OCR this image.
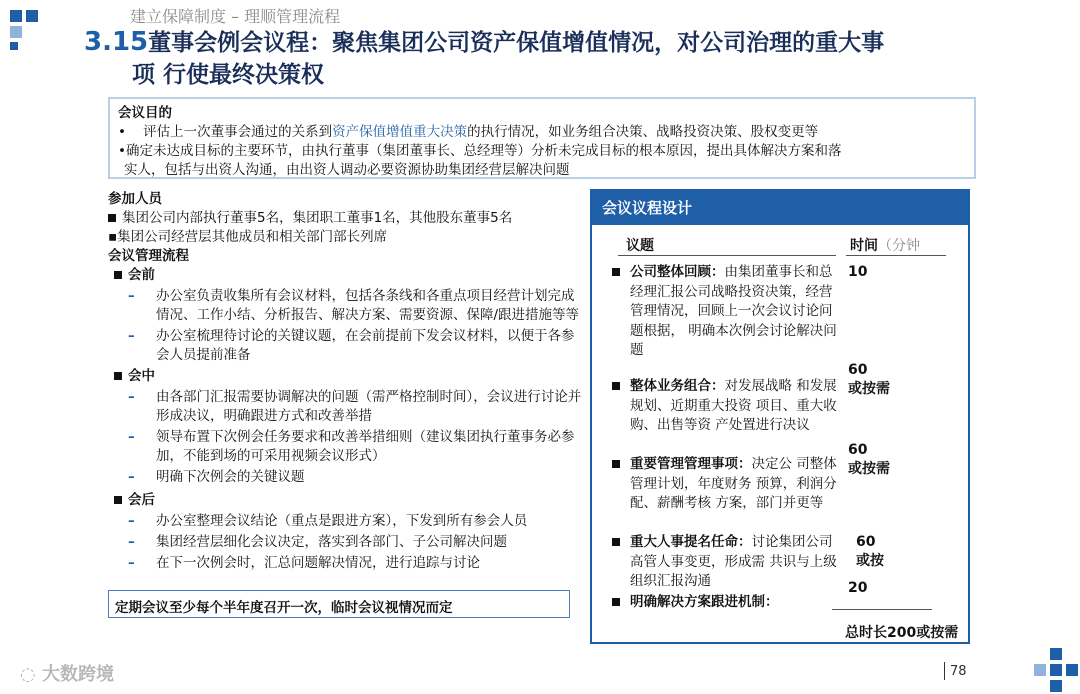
建立保障制度 – 理顺管理流程
3.15董事会例会议程：聚焦集团公司资产保值增值情况，对公司治理的重大事
项 行使最终决策权
会议目的
•    评估上一次董事会通过的关系到资产保值增值重大决策的执行情况，如业务组合决策、战略投资决策、股权变更等
•确定未达成目标的主要环节，由执行董事（集团董事长、总经理等）分析未完成目标的根本原因，提出具体解决方案和落
实人，包括与出资人沟通，由出资人调动必要资源协助集团经营层解决问题
参加人员
集团公司内部执行董事5名，集团职工董事1名，其他股东董事5名
▪集团公司经营层其他成员和相关部门部长列席
会议管理流程
会前
– 办公室负责收集所有会议材料，包括各条线和各重点项目经营计划完成情况、工作小结、分析报告、解决方案、需要资源、保障/跟进措施等等
– 办公室梳理待讨论的关键议题，在会前提前下发会议材料，以便于各参会人员提前准备
会中
– 由各部门汇报需要协调解决的问题（需严格控制时间），会议进行讨论并形成决议，明确跟进方式和改善举措
– 领导布置下次例会任务要求和改善举措细则（建议集团执行董事务必参加，不能到场的可采用视频会议形式）
– 明确下次例会的关键议题
会后
– 办公室整理会议结论（重点是跟进方案），下发到所有参会人员
– 集团经营层细化会议决定，落实到各部门、子公司解决问题
– 在下一次例会时，汇总问题解决情况，进行追踪与讨论
定期会议至少每个半年度召开一次，临时会议视情况而定
会议议程设计
议题	时间（分钟
公司整体回顾：由集团董事长和总经理汇报公司战略投资决策，经营管理情况，回顾上一次会议讨论问题根据， 明确本次例会讨论解决问题
10
整体业务组合：对发展战略 和发展规划、近期重大投资 项目、重大收购、出售等资 产处置进行决议
60
或按需
重要管理管理事项：决定公 司整体管理计划，年度财务 预算，利润分配、薪酬考核 方案，部门并更等
60
或按需
重大人事提名任命：讨论集团公司高管人事变更，形成需 共识与上级组织汇报沟通
60
或按
明确解决方案跟进机制：
20
总时长200或按需
◌ 大数跨境	78
